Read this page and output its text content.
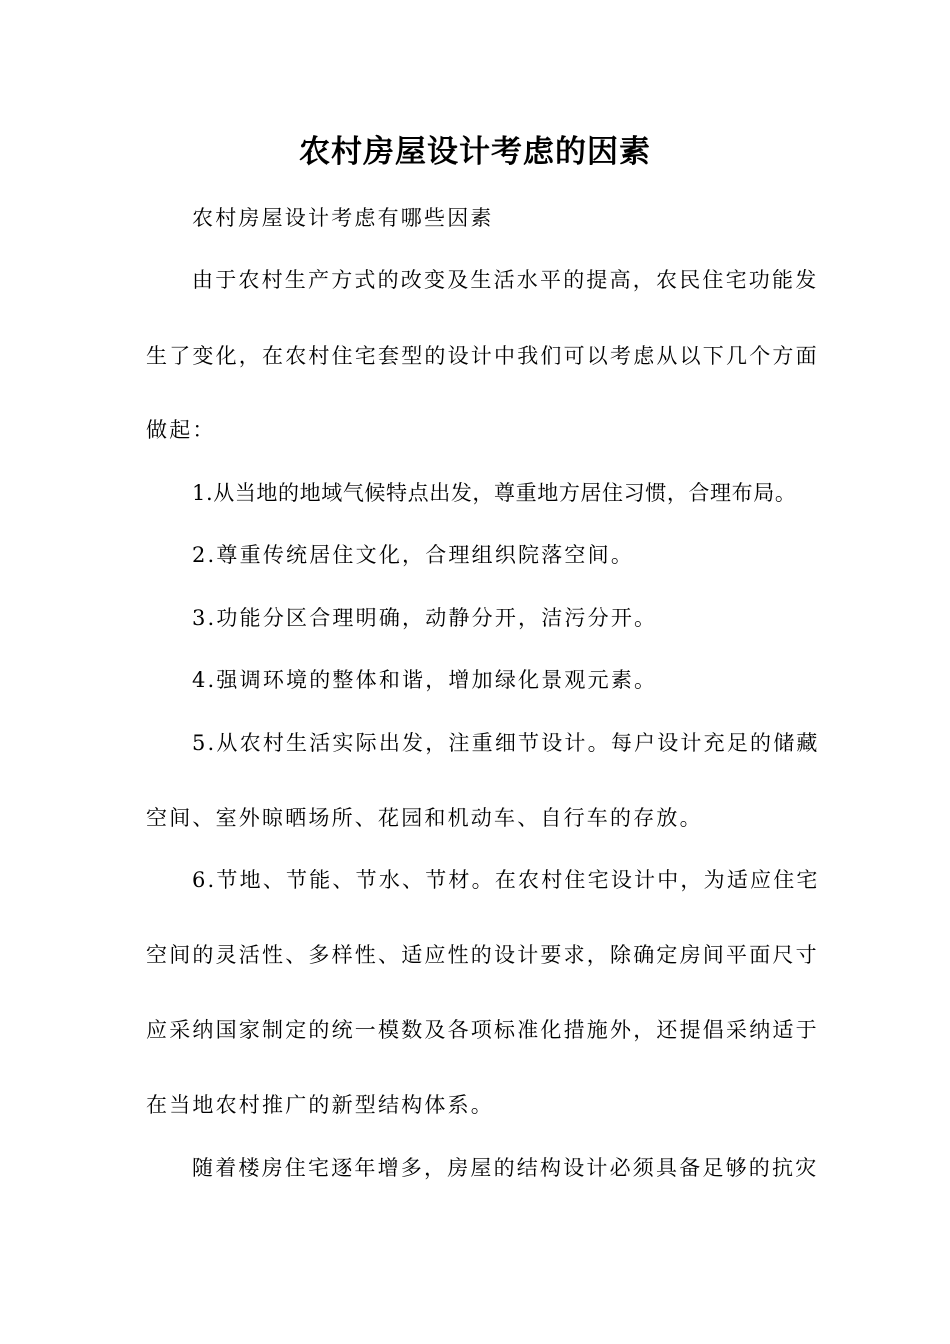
农村房屋设计考虑的因素
农村房屋设计考虑有哪些因素
由于农村生产方式的改变及生活水平的提高，农民住宅功能发
生了变化，在农村住宅套型的设计中我们可以考虑从以下几个方面
做起：
1.从当地的地域气候特点出发，尊重地方居住习惯，合理布局。
2.尊重传统居住文化，合理组织院落空间。
3.功能分区合理明确，动静分开，洁污分开。
4.强调环境的整体和谐，增加绿化景观元素。
5.从农村生活实际出发，注重细节设计。每户设计充足的储藏
空间、室外晾晒场所、花园和机动车、自行车的存放。
6.节地、节能、节水、节材。在农村住宅设计中，为适应住宅
空间的灵活性、多样性、适应性的设计要求，除确定房间平面尺寸
应采纳国家制定的统一模数及各项标准化措施外，还提倡采纳适于
在当地农村推广的新型结构体系。
随着楼房住宅逐年增多，房屋的结构设计必须具备足够的抗灾
